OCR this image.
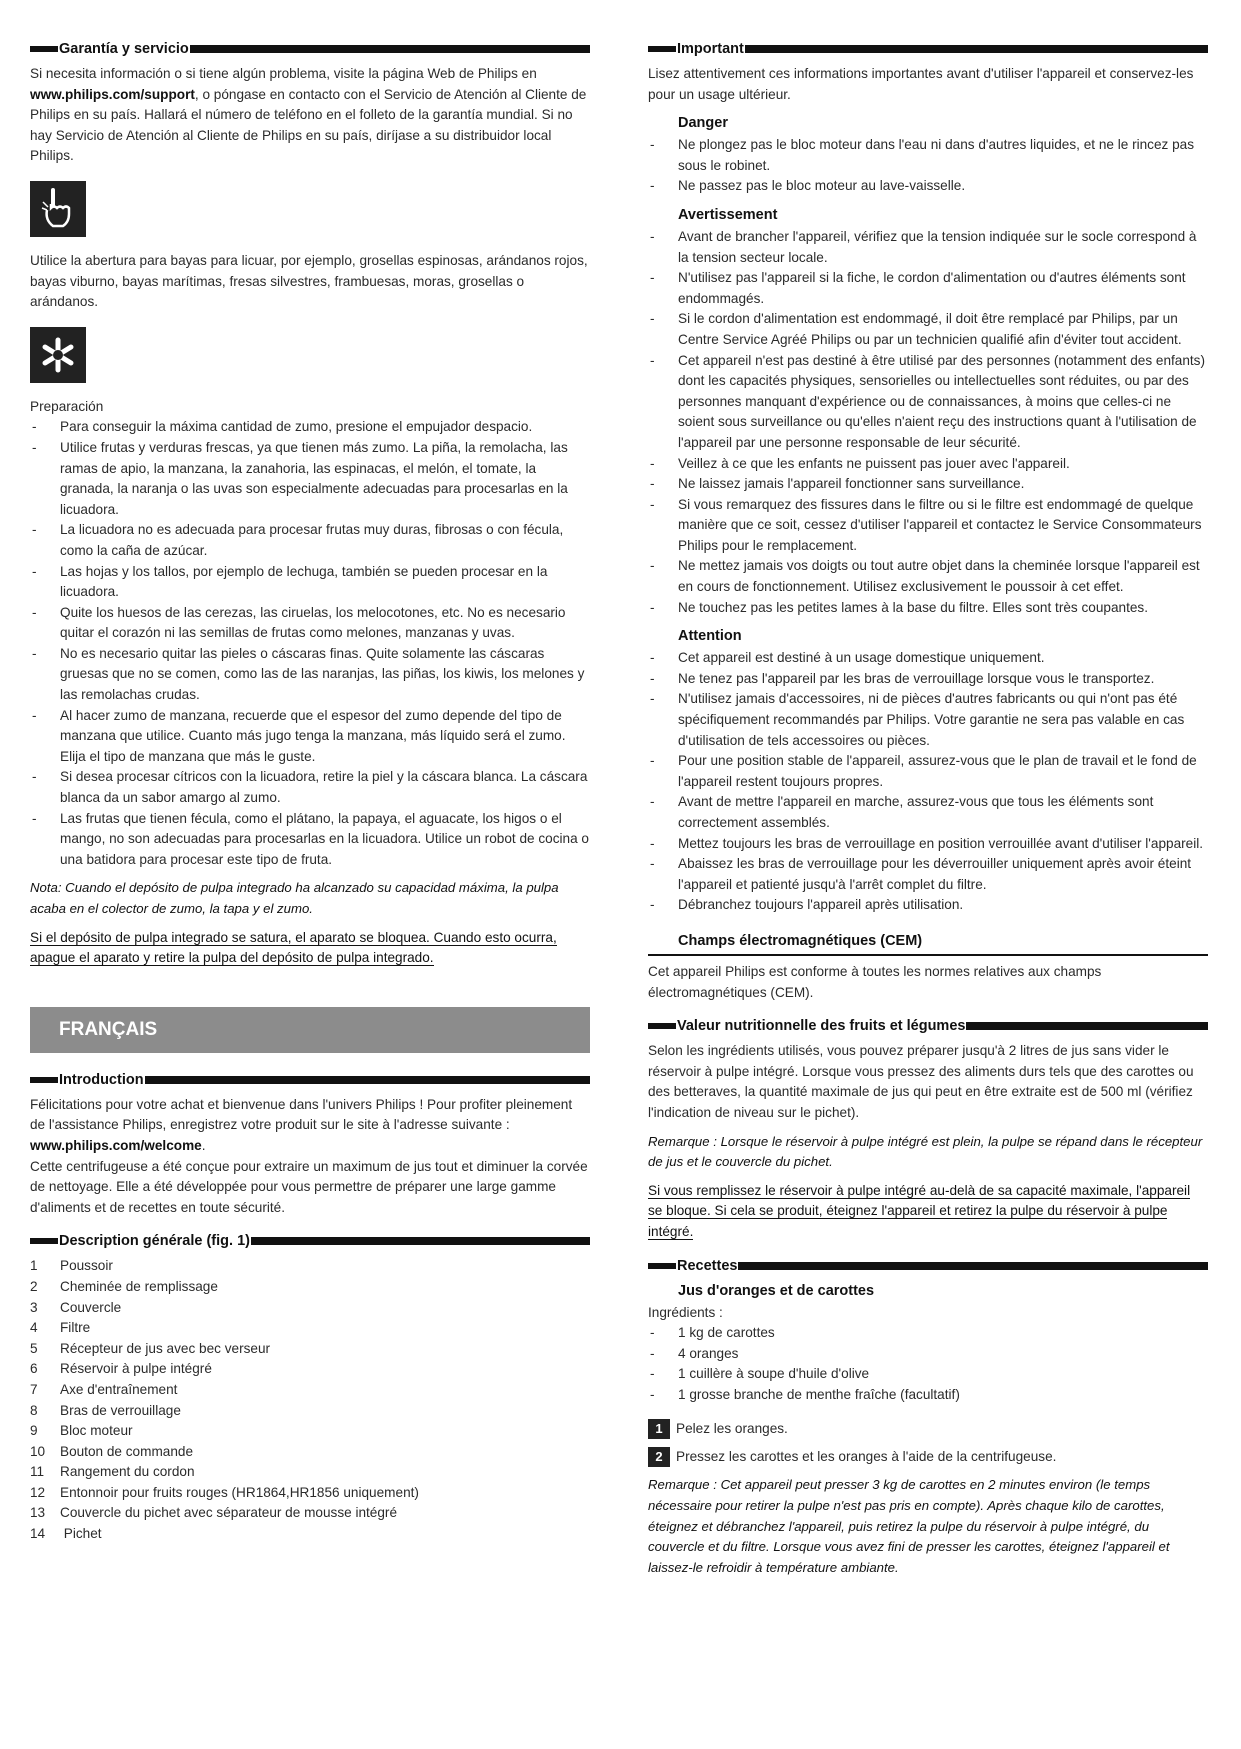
Garantía y servicio

Si necesita información o si tiene algún problema, visite la página Web de Philips en www.philips.com/support, o póngase en contacto con el Servicio de Atención al Cliente de Philips en su país. Hallará el número de teléfono en el folleto de la garantía mundial. Si no hay Servicio de Atención al Cliente de Philips en su país, diríjase a su distribuidor local Philips.

Utilice la abertura para bayas para licuar, por ejemplo, grosellas espinosas, arándanos rojos, bayas viburno, bayas marítimas, fresas silvestres, frambuesas, moras, grosellas o arándanos.

Preparación

- Para conseguir la máxima cantidad de zumo, presione el empujador despacio.
- Utilice frutas y verduras frescas, ya que tienen más zumo. La piña, la remolacha, las ramas de apio, la manzana, la zanahoria, las espinacas, el melón, el tomate, la granada, la naranja o las uvas son especialmente adecuadas para procesarlas en la licuadora.
- La licuadora no es adecuada para procesar frutas muy duras, fibrosas o con fécula, como la caña de azúcar.
- Las hojas y los tallos, por ejemplo de lechuga, también se pueden procesar en la licuadora.
- Quite los huesos de las cerezas, las ciruelas, los melocotones, etc. No es necesario quitar el corazón ni las semillas de frutas como melones, manzanas y uvas.
- No es necesario quitar las pieles o cáscaras finas. Quite solamente las cáscaras gruesas que no se comen, como las de las naranjas, las piñas, los kiwis, los melones y las remolachas crudas.
- Al hacer zumo de manzana, recuerde que el espesor del zumo depende del tipo de manzana que utilice. Cuanto más jugo tenga la manzana, más líquido será el zumo. Elija el tipo de manzana que más le guste.
- Si desea procesar cítricos con la licuadora, retire la piel y la cáscara blanca. La cáscara blanca da un sabor amargo al zumo.
- Las frutas que tienen fécula, como el plátano, la papaya, el aguacate, los higos o el mango, no son adecuadas para procesarlas en la licuadora. Utilice un robot de cocina o una batidora para procesar este tipo de fruta.

Nota: Cuando el depósito de pulpa integrado ha alcanzado su capacidad máxima, la pulpa acaba en el colector de zumo, la tapa y el zumo.

Si el depósito de pulpa integrado se satura, el aparato se bloquea. Cuando esto ocurra, apague el aparato y retire la pulpa del depósito de pulpa integrado.

FRANÇAIS
Introduction

Félicitations pour votre achat et bienvenue dans l'univers Philips ! Pour profiter pleinement de l'assistance Philips, enregistrez votre produit sur le site à l'adresse suivante : www.philips.com/welcome.

Cette centrifugeuse a été conçue pour extraire un maximum de jus tout et diminuer la corvée de nettoyage. Elle a été développée pour vous permettre de préparer une large gamme d'aliments et de recettes en toute sécurité.

Description générale (fig. 1)
1	Poussoir
2	Cheminée de remplissage
3	Couvercle
4	Filtre
5	Récepteur de jus avec bec verseur
6	Réservoir à pulpe intégré
7	Axe d'entraînement
8	Bras de verrouillage
9	Bloc moteur
10	Bouton de commande
11	Rangement du cordon
12	Entonnoir pour fruits rouges (HR1864,HR1856 uniquement)
13	Couvercle du pichet avec séparateur de mousse intégré
14	Pichet
Important

Lisez attentivement ces informations importantes avant d'utiliser l'appareil et conservez-les pour un usage ultérieur.

Danger
- Ne plongez pas le bloc moteur dans l'eau ni dans d'autres liquides, et ne le rincez pas sous le robinet.
- Ne passez pas le bloc moteur au lave-vaisselle.
Avertissement
- Avant de brancher l'appareil, vérifiez que la tension indiquée sur le socle correspond à la tension secteur locale.
- N'utilisez pas l'appareil si la fiche, le cordon d'alimentation ou d'autres éléments sont endommagés.
- Si le cordon d'alimentation est endommagé, il doit être remplacé par Philips, par un Centre Service Agréé Philips ou par un technicien qualifié afin d'éviter tout accident.
- Cet appareil n'est pas destiné à être utilisé par des personnes (notamment des enfants) dont les capacités physiques, sensorielles ou intellectuelles sont réduites, ou par des personnes manquant d'expérience ou de connaissances, à moins que celles-ci ne soient sous surveillance ou qu'elles n'aient reçu des instructions quant à l'utilisation de l'appareil par une personne responsable de leur sécurité.
- Veillez à ce que les enfants ne puissent pas jouer avec l'appareil.
- Ne laissez jamais l'appareil fonctionner sans surveillance.
- Si vous remarquez des fissures dans le filtre ou si le filtre est endommagé de quelque manière que ce soit, cessez d'utiliser l'appareil et contactez le Service Consommateurs Philips pour le remplacement.
- Ne mettez jamais vos doigts ou tout autre objet dans la cheminée lorsque l'appareil est en cours de fonctionnement. Utilisez exclusivement le poussoir à cet effet.
- Ne touchez pas les petites lames à la base du filtre. Elles sont très coupantes.
Attention
- Cet appareil est destiné à un usage domestique uniquement.
- Ne tenez pas l'appareil par les bras de verrouillage lorsque vous le transportez.
- N'utilisez jamais d'accessoires, ni de pièces d'autres fabricants ou qui n'ont pas été spécifiquement recommandés par Philips. Votre garantie ne sera pas valable en cas d'utilisation de tels accessoires ou pièces.
- Pour une position stable de l'appareil, assurez-vous que le plan de travail et le fond de l'appareil restent toujours propres.
- Avant de mettre l'appareil en marche, assurez-vous que tous les éléments sont correctement assemblés.
- Mettez toujours les bras de verrouillage en position verrouillée avant d'utiliser l'appareil.
- Abaissez les bras de verrouillage pour les déverrouiller uniquement après avoir éteint l'appareil et patienté jusqu'à l'arrêt complet du filtre.
- Débranchez toujours l'appareil après utilisation.
Champs électromagnétiques (CEM)

Cet appareil Philips est conforme à toutes les normes relatives aux champs électromagnétiques (CEM).

Valeur nutritionnelle des fruits et légumes

Selon les ingrédients utilisés, vous pouvez préparer jusqu'à 2 litres de jus sans vider le réservoir à pulpe intégré. Lorsque vous pressez des aliments durs tels que des carottes ou des betteraves, la quantité maximale de jus qui peut en être extraite est de 500 ml (vérifiez l'indication de niveau sur le pichet).

Remarque : Lorsque le réservoir à pulpe intégré est plein, la pulpe se répand dans le récepteur de jus et le couvercle du pichet.

Si vous remplissez le réservoir à pulpe intégré au-delà de sa capacité maximale, l'appareil se bloque. Si cela se produit, éteignez l'appareil et retirez la pulpe du réservoir à pulpe intégré.

Recettes
Jus d'oranges et de carottes

Ingrédients :

- 1 kg de carottes
- 4 oranges
- 1 cuillère à soupe d'huile d'olive
- 1 grosse branche de menthe fraîche (facultatif)
1 Pelez les oranges.
2 Pressez les carottes et les oranges à l'aide de la centrifugeuse.

Remarque : Cet appareil peut presser 3 kg de carottes en 2 minutes environ (le temps nécessaire pour retirer la pulpe n'est pas pris en compte). Après chaque kilo de carottes, éteignez et débranchez l'appareil, puis retirez la pulpe du réservoir à pulpe intégré, du couvercle et du filtre. Lorsque vous avez fini de presser les carottes, éteignez l'appareil et laissez-le refroidir à température ambiante.
